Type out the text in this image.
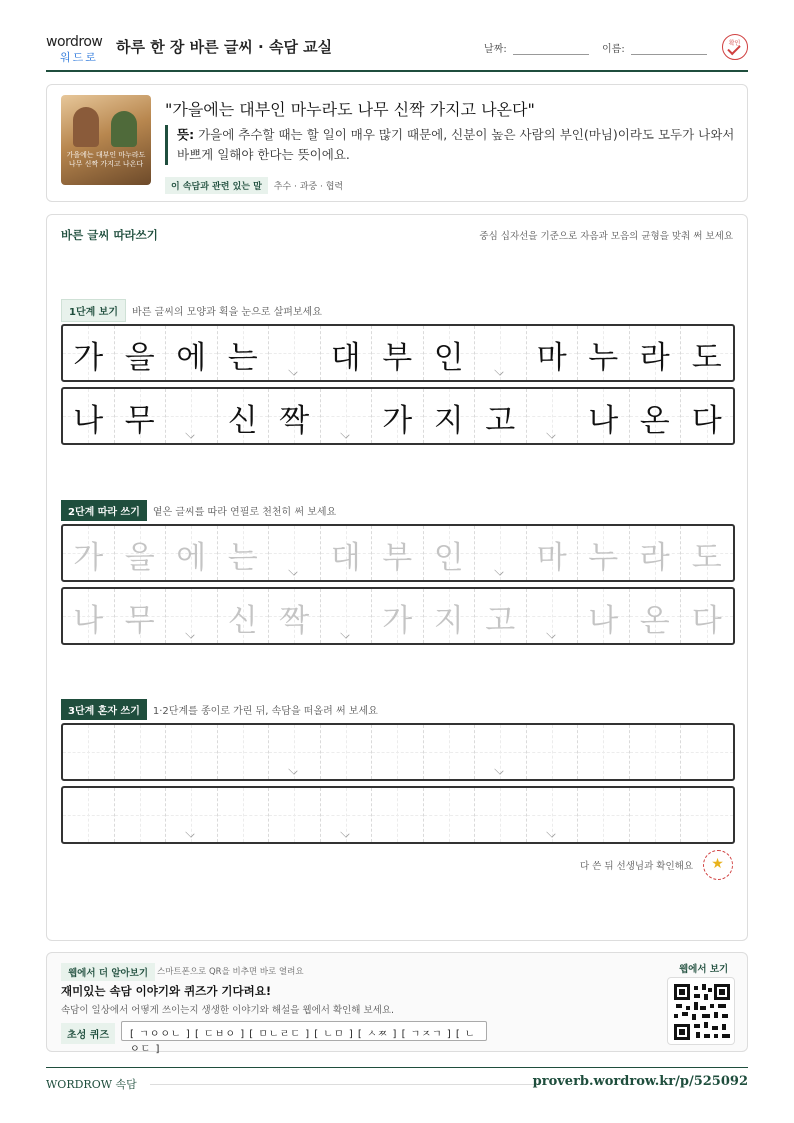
wordrow
워드로
하루 한 장 바른 글씨 · 속담 교실	날짜:	이름:
확인
가을에는 대부인 마누라도 나무 신짝 가지고 나온다
"가을에는 대부인 마누라도 나무 신짝 가지고 나온다"
뜻: 가을에 추수할 때는 할 일이 매우 많기 때문에, 신분이 높은 사람의 부인(마님)이라도 모두가 나와서 바쁘게 일해야 한다는 뜻이에요.
이 속담과 관련 있는 말 추수 · 과중 · 협력
바른 글씨 따라쓰기	중심 십자선을 기준으로 자음과 모음의 균형을 맞춰 써 보세요
1단계 보기 바른 글씨의 모양과 획을 눈으로 살펴보세요
가 을 에 는	대 부 인	마 누 라 도
나 무	신 짝	가 지 고	나 온 다
2단계 따라 쓰기 옅은 글씨를 따라 연필로 천천히 써 보세요
가 을 에 는	대 부 인	마 누 라 도
나 무	신 짝	가 지 고	나 온 다
3단계 혼자 쓰기 1·2단계를 종이로 가린 뒤, 속담을 떠올려 써 보세요
다 쓴 뒤 선생님과 확인해요	★
웹에서 더 알아보기	스마트폰으로 QR을 비추면 바로 열려요
재미있는 속담 이야기와 퀴즈가 기다려요!
속담이 일상에서 어떻게 쓰이는지 생생한 이야기와 해설을 웹에서 확인해 보세요.
초성 퀴즈	[ ㄱㅇㅇㄴ ] [ ㄷㅂㅇ ] [ ㅁㄴㄹㄷ ] [ ㄴㅁ ] [ ㅅㅉ ] [ ㄱㅈㄱ ] [ ㄴㅇㄷ ]
웹에서 보기
WORDROW 속담	proverb.wordrow.kr/p/525092
